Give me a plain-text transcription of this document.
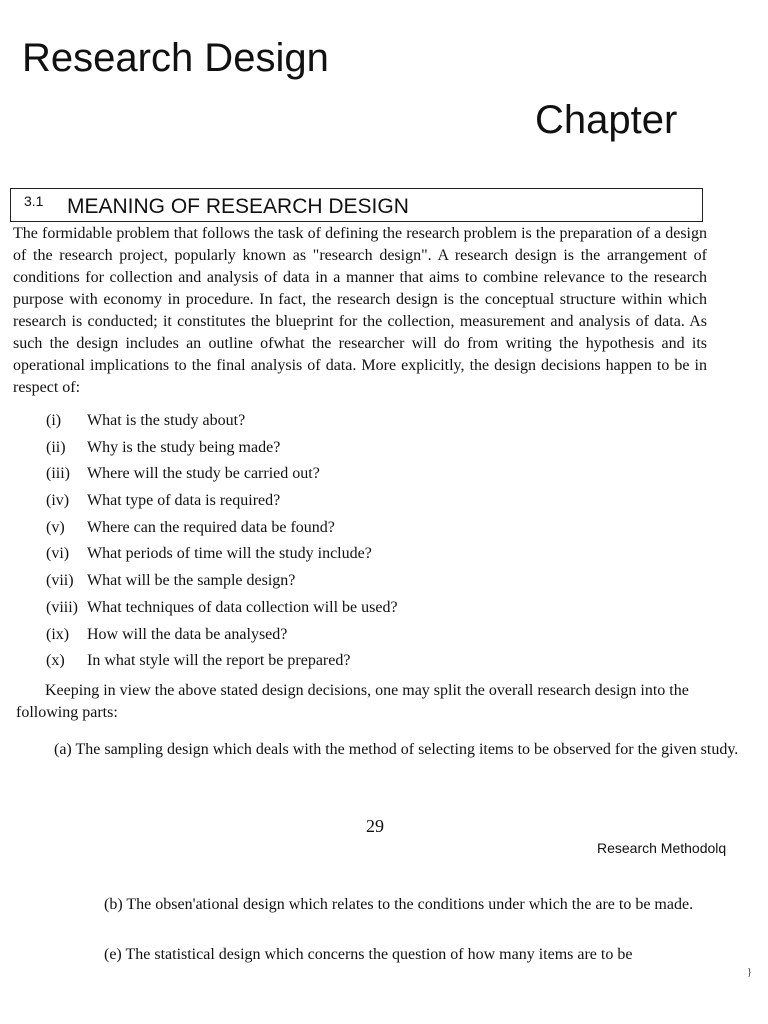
Research Design
Chapter
3.1 MEANING OF RESEARCH DESIGN

The formidable problem that follows the task of defining the research problem is the preparation of a design of the research project, popularly known as "research design". A research design is the arrangement of conditions for collection and analysis of data in a manner that aims to combine relevance to the research purpose with economy in procedure. In fact, the research design is the conceptual structure within which research is conducted; it constitutes the blueprint for the collection, measurement and analysis of data. As such the design includes an outline ofwhat the researcher will do from writing the hypothesis and its operational implications to the final analysis of data. More explicitly, the design decisions happen to be in respect of:

(i) What is the study about?
(ii) Why is the study being made?
(iii) Where will the study be carried out?
(iv) What type of data is required?
(v) Where can the required data be found?
(vi) What periods of time will the study include?
(vii) What will be the sample design?
(viii) What techniques of data collection will be used?
(ix) How will the data be analysed?
(x) In what style will the report be prepared?

Keeping in view the above stated design decisions, one may split the overall research design into the following parts:

(a) The sampling design which deals with the method of selecting items to be observed for the given study.

29
Research Methodolq

(b) The obsen'ational design which relates to the conditions under which the are to be made.

(e) The statistical design which concerns the question of how many items are to be

}
